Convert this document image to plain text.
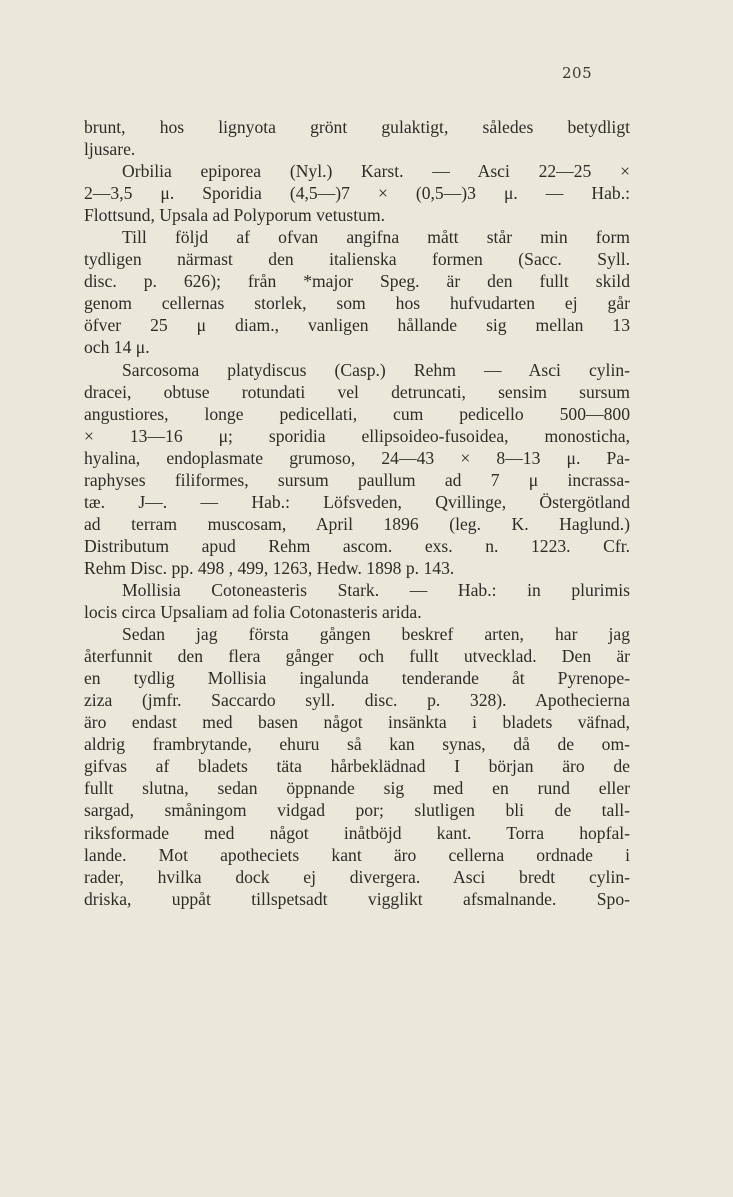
205
brunt, hos lignyota grönt gulaktigt, således betydligt
ljusare.
Orbilia epiporea (Nyl.) Karst. — Asci 22—25 ×
2—3,5 μ. Sporidia (4,5—)7 × (0,5—)3 μ. — Hab.:
Flottsund, Upsala ad Polyporum vetustum.
Till följd af ofvan angifna mått står min form
tydligen närmast den italienska formen (Sacc. Syll.
disc. p. 626); från *major Speg. är den fullt skild
genom cellernas storlek, som hos hufvudarten ej går
öfver 25 μ diam., vanligen hållande sig mellan 13
och 14 μ.
Sarcosoma platydiscus (Casp.) Rehm — Asci cylin-
dracei, obtuse rotundati vel detruncati, sensim sursum
angustiores, longe pedicellati, cum pedicello 500—800
× 13—16 μ; sporidia ellipsoideo-fusoidea, monosticha,
hyalina, endoplasmate grumoso, 24—43 × 8—13 μ. Pa-
raphyses filiformes, sursum paullum ad 7 μ incrassa-
tæ. J—. — Hab.: Löfsveden, Qvillinge, Östergötland
ad terram muscosam, April 1896 (leg. K. Haglund.)
Distributum apud Rehm ascom. exs. n. 1223. Cfr.
Rehm Disc. pp. 498 , 499, 1263, Hedw. 1898 p. 143.
Mollisia Cotoneasteris Stark. — Hab.: in plurimis
locis circa Upsaliam ad folia Cotonasteris arida.
Sedan jag första gången beskref arten, har jag
återfunnit den flera gånger och fullt utvecklad. Den är
en tydlig Mollisia ingalunda tenderande åt Pyrenope-
ziza (jmfr. Saccardo syll. disc. p. 328). Apothecierna
äro endast med basen något insänkta i bladets väfnad,
aldrig frambrytande, ehuru så kan synas, då de om-
gifvas af bladets täta hårbeklädnad I början äro de
fullt slutna, sedan öppnande sig med en rund eller
sargad, småningom vidgad por; slutligen bli de tall-
riksformade med något inåtböjd kant. Torra hopfal-
lande. Mot apotheciets kant äro cellerna ordnade i
rader, hvilka dock ej divergera. Asci bredt cylin-
driska, uppåt tillspetsadt vigglikt afsmalnande. Spo-
